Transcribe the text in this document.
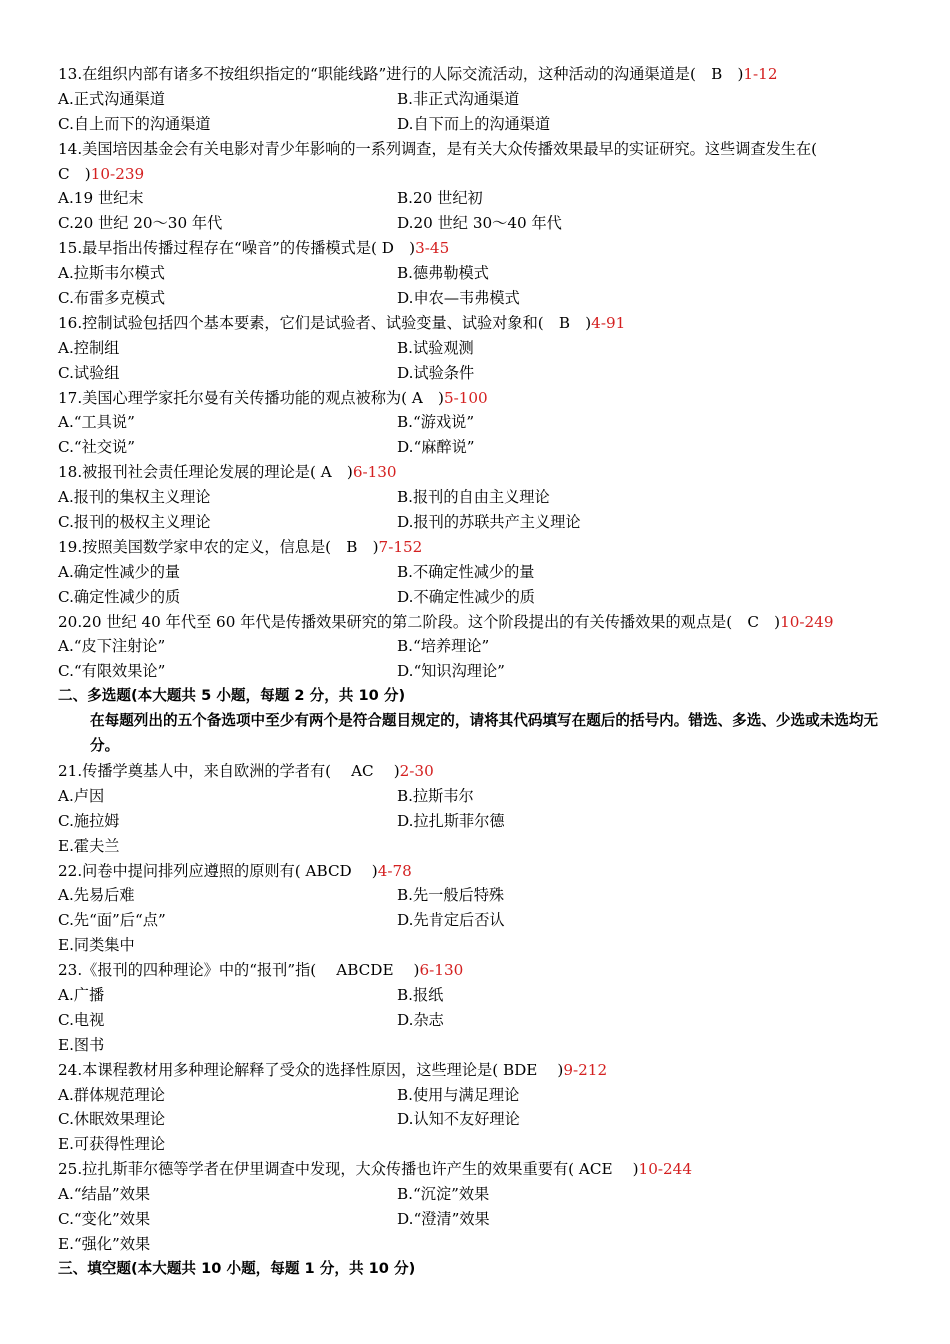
13.在组织内部有诸多不按组织指定的“职能线路”进行的人际交流活动，这种活动的沟通渠道是(　B　)1-12
A.正式沟通渠道	B.非正式沟通渠道
C.自上而下的沟通渠道	D.自下而上的沟通渠道
14.美国培因基金会有关电影对青少年影响的一系列调查，是有关大众传播效果最早的实证研究。这些调查发生在(
C　)10-239
A.19 世纪末	B.20 世纪初
C.20 世纪 20～30 年代	D.20 世纪 30～40 年代
15.最早指出传播过程存在“噪音”的传播模式是( D　)3-45
A.拉斯韦尔模式	B.德弗勒模式
C.布雷多克模式	D.申农—韦弗模式
16.控制试验包括四个基本要素，它们是试验者、试验变量、试验对象和(　B　)4-91
A.控制组	B.试验观测
C.试验组	D.试验条件
17.美国心理学家托尔曼有关传播功能的观点被称为( A　)5-100
A.“工具说”	B.“游戏说”
C.“社交说”	D.“麻醉说”
18.被报刊社会责任理论发展的理论是( A　)6-130
A.报刊的集权主义理论	B.报刊的自由主义理论
C.报刊的极权主义理论	D.报刊的苏联共产主义理论
19.按照美国数学家申农的定义，信息是(　B　)7-152
A.确定性减少的量	B.不确定性减少的量
C.确定性减少的质	D.不确定性减少的质
20.20 世纪 40 年代至 60 年代是传播效果研究的第二阶段。这个阶段提出的有关传播效果的观点是(　C　)10-249
A.“皮下注射论”	B.“培养理论”
C.“有限效果论”	D.“知识沟理论”
二、多选题(本大题共 5 小题，每题 2 分，共 10 分)
在每题列出的五个备选项中至少有两个是符合题目规定的，请将其代码填写在题后的括号内。错选、多选、少选或未选均无分。
21.传播学奠基人中，来自欧洲的学者有(　 AC　 )2-30
A.卢因	B.拉斯韦尔
C.施拉姆	D.拉扎斯菲尔德
E.霍夫兰
22.问卷中提问排列应遵照的原则有( ABCD　 )4-78
A.先易后难	B.先一般后特殊
C.先“面”后“点”	D.先肯定后否认
E.同类集中
23.《报刊的四种理论》中的“报刊”指(　 ABCDE　 )6-130
A.广播	B.报纸
C.电视	D.杂志
E.图书
24.本课程教材用多种理论解释了受众的选择性原因，这些理论是( BDE　 )9-212
A.群体规范理论	B.使用与满足理论
C.休眠效果理论	D.认知不友好理论
E.可获得性理论
25.拉扎斯菲尔德等学者在伊里调查中发现，大众传播也许产生的效果重要有( ACE　 )10-244
A.“结晶”效果	B.“沉淀”效果
C.“变化”效果	D.“澄清”效果
E.“强化”效果
三、填空题(本大题共 10 小题，每题 1 分，共 10 分)
